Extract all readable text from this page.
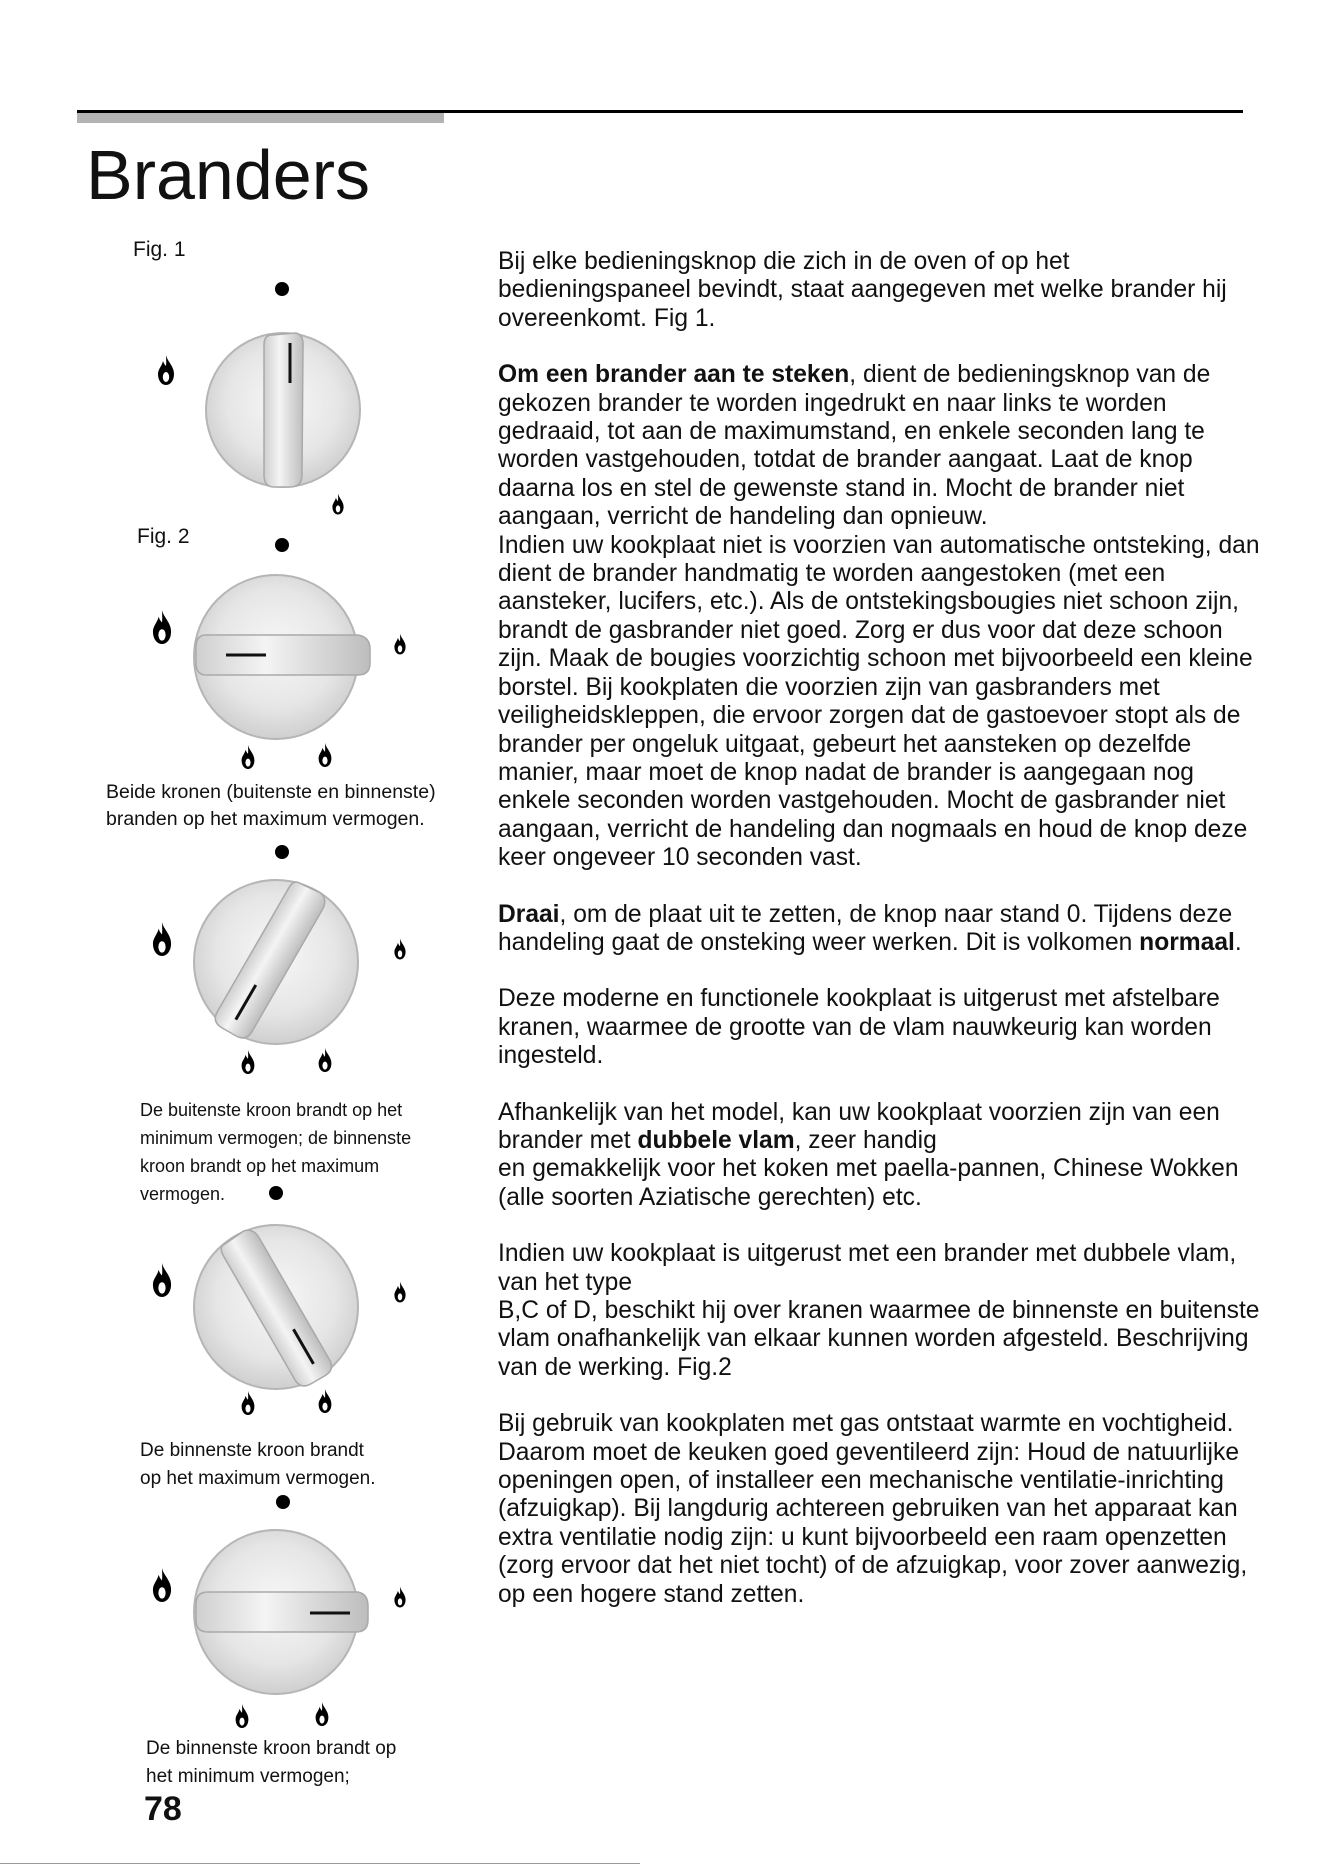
Branders
Fig. 1
Fig. 2
Beide kronen (buitenste en binnenste)
branden op het maximum vermogen.
De buitenste kroon brandt op het
minimum vermogen; de binnenste
kroon brandt op het maximum
vermogen.
De binnenste kroon brandt
op het maximum vermogen.
De binnenste kroon brandt op
het minimum vermogen;
78

Bij elke bedieningsknop die zich in de oven of op het bedieningspaneel bevindt, staat aangegeven met welke brander hij overeenkomt. Fig 1.

Om een brander aan te steken, dient de bedieningsknop van de gekozen brander te worden ingedrukt en naar links te worden gedraaid, tot aan de maximumstand, en enkele seconden lang te worden vastgehouden, totdat de brander aangaat. Laat de knop daarna los en stel de gewenste stand in. Mocht de brander niet aangaan, verricht de handeling dan opnieuw.

Indien uw kookplaat niet is voorzien van automatische ontsteking, dan dient de brander handmatig te worden aangestoken (met een aansteker, lucifers, etc.). Als de ontstekingsbougies niet schoon zijn, brandt de gasbrander niet goed. Zorg er dus voor dat deze schoon zijn. Maak de bougies voorzichtig schoon met bijvoorbeeld een kleine borstel. Bij kookplaten die voorzien zijn van gasbranders met veiligheidskleppen, die ervoor zorgen dat de gastoevoer stopt als de brander per ongeluk uitgaat, gebeurt het aansteken op dezelfde manier, maar moet de knop nadat de brander is aangegaan nog enkele seconden worden vastgehouden. Mocht de gasbrander niet aangaan, verricht de handeling dan nogmaals en houd de knop deze keer ongeveer 10 seconden vast.

Draai, om de plaat uit te zetten, de knop naar stand 0. Tijdens deze handeling gaat de onsteking weer werken. Dit is volkomen normaal.

Deze moderne en functionele kookplaat is uitgerust met afstelbare kranen, waarmee de grootte van de vlam nauwkeurig kan worden ingesteld.

Afhankelijk van het model, kan uw kookplaat voorzien zijn van een brander met dubbele vlam, zeer handig
en gemakkelijk voor het koken met paella-pannen, Chinese Wokken (alle soorten Aziatische gerechten) etc.

Indien uw kookplaat is uitgerust met een brander met dubbele vlam, van het type
B,C of D, beschikt hij over kranen waarmee de binnenste en buitenste vlam onafhankelijk van elkaar kunnen worden afgesteld. Beschrijving van de werking. Fig.2

Bij gebruik van kookplaten met gas ontstaat warmte en vochtigheid. Daarom moet de keuken goed geventileerd zijn: Houd de natuurlijke openingen open, of installeer een mechanische ventilatie-inrichting (afzuigkap). Bij langdurig achtereen gebruiken van het apparaat kan extra ventilatie nodig zijn: u kunt bijvoorbeeld een raam openzetten (zorg ervoor dat het niet tocht) of de afzuigkap, voor zover aanwezig, op een hogere stand zetten.
